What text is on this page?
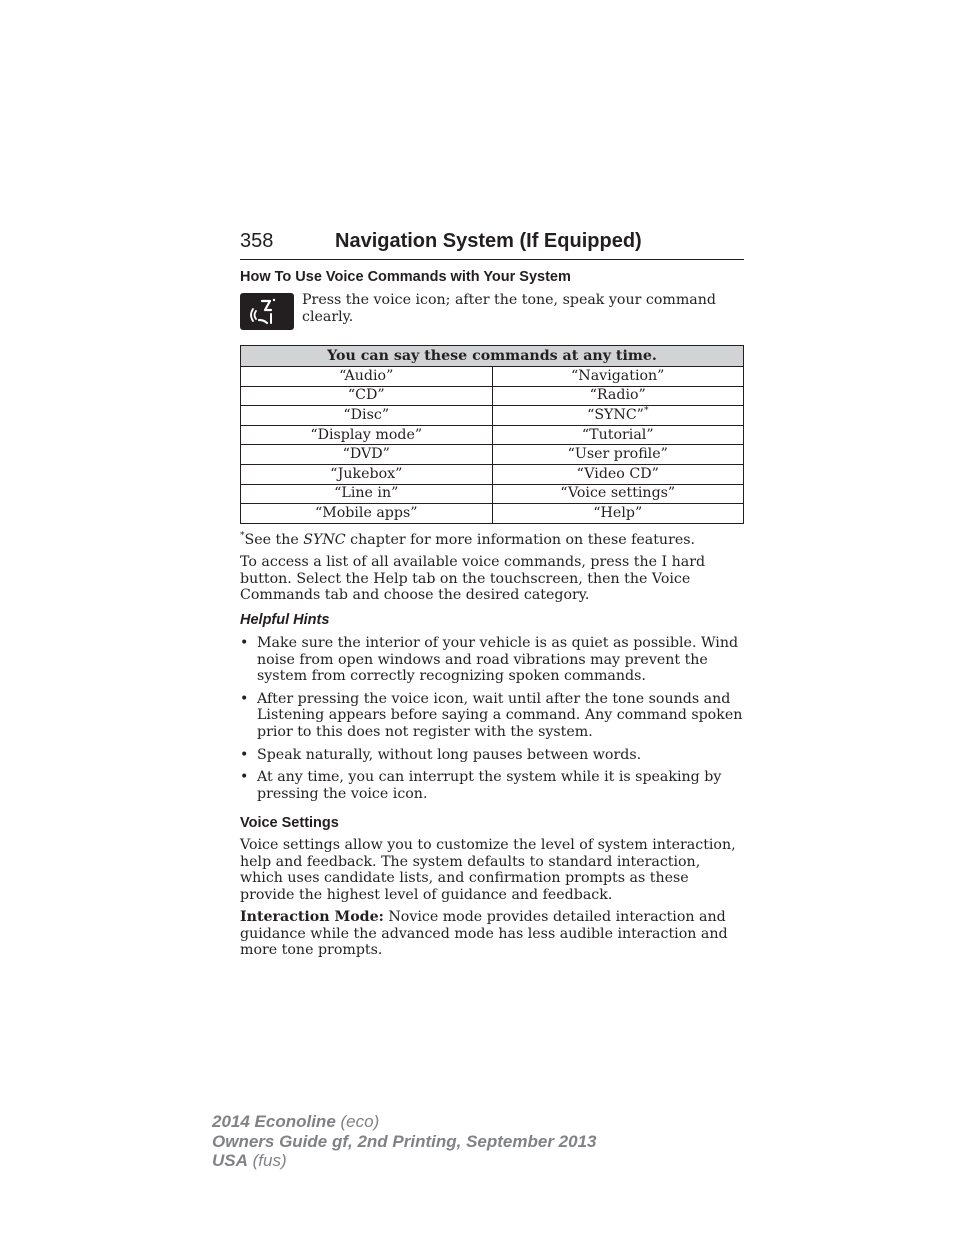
358	Navigation System (If Equipped)
How To Use Voice Commands with Your System
Press the voice icon; after the tone, speak your command clearly.
You can say these commands at any time.	
“Audio”	“Navigation”
“CD”	“Radio”
“Disc”	“SYNC”*
“Display mode”	“Tutorial”
“DVD”	“User profile”
“Jukebox”	“Video CD”
“Line in”	“Voice settings”
“Mobile apps”	“Help”
*See the SYNC chapter for more information on these features.
To access a list of all available voice commands, press the I hard button. Select the Help tab on the touchscreen, then the Voice Commands tab and choose the desired category.
Helpful Hints
• Make sure the interior of your vehicle is as quiet as possible. Wind noise from open windows and road vibrations may prevent the system from correctly recognizing spoken commands.
• After pressing the voice icon, wait until after the tone sounds and Listening appears before saying a command. Any command spoken prior to this does not register with the system.
• Speak naturally, without long pauses between words.
• At any time, you can interrupt the system while it is speaking by pressing the voice icon.
Voice Settings
Voice settings allow you to customize the level of system interaction, help and feedback. The system defaults to standard interaction, which uses candidate lists, and confirmation prompts as these provide the highest level of guidance and feedback.
Interaction Mode: Novice mode provides detailed interaction and guidance while the advanced mode has less audible interaction and more tone prompts.
2014 Econoline (eco)
Owners Guide gf, 2nd Printing, September 2013
USA (fus)
